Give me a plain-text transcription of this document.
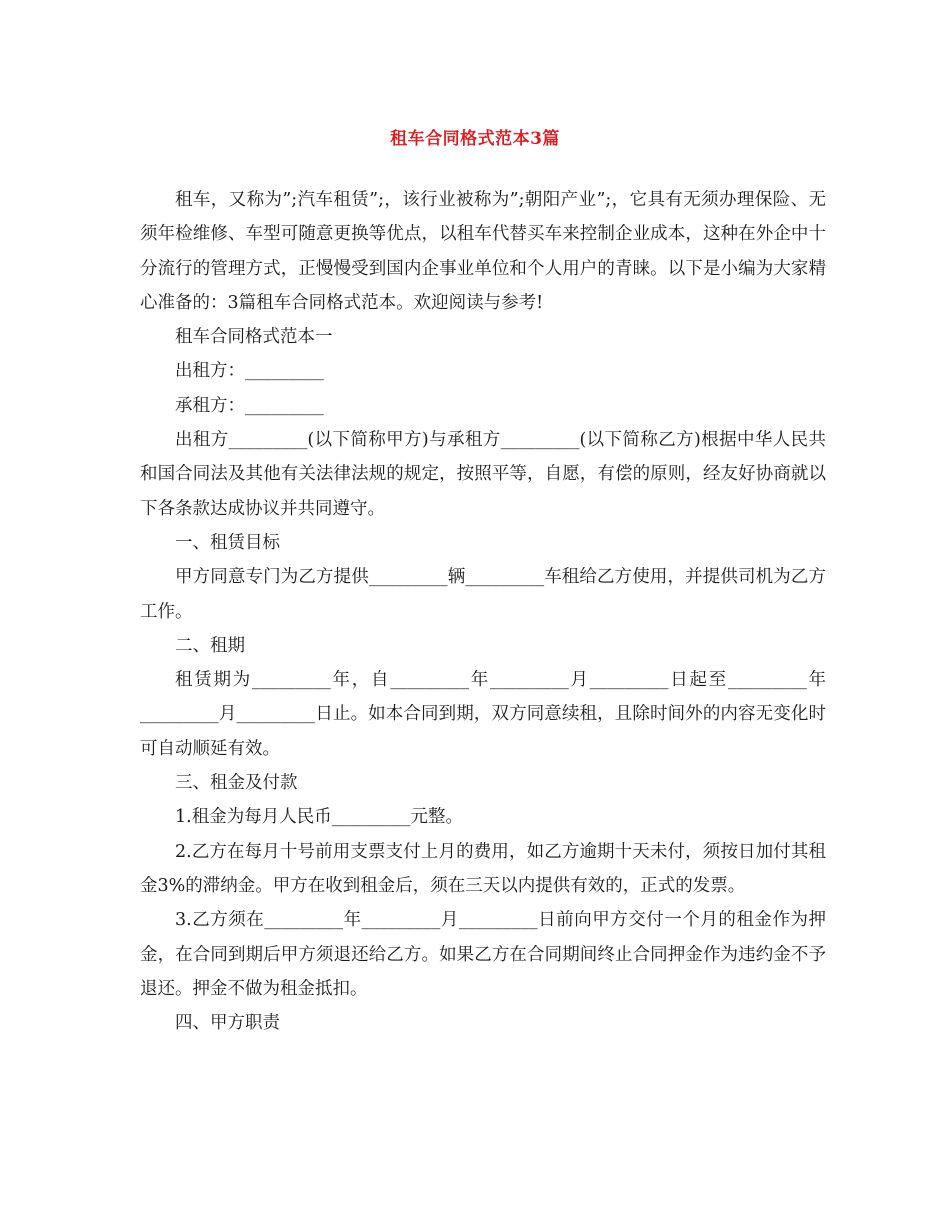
租车合同格式范本3篇

租车，又称为”;汽车租赁”;，该行业被称为”;朝阳产业”;，它具有无须办理保险、无须年检维修、车型可随意更换等优点，以租车代替买车来控制企业成本，这种在外企中十分流行的管理方式，正慢慢受到国内企事业单位和个人用户的青睐。以下是小编为大家精心准备的：3篇租车合同格式范本。欢迎阅读与参考!

租车合同格式范本一

出租方：_________

承租方：_________

出租方_________(以下简称甲方)与承租方_________(以下简称乙方)根据中华人民共和国合同法及其他有关法律法规的规定，按照平等，自愿，有偿的原则，经友好协商就以下各条款达成协议并共同遵守。

一、租赁目标

甲方同意专门为乙方提供_________辆_________车租给乙方使用，并提供司机为乙方工作。

二、租期

租赁期为_________年，自_________年_________月_________日起至_________年_________月_________日止。如本合同到期，双方同意续租，且除时间外的内容无变化时可自动顺延有效。

三、租金及付款

1.租金为每月人民币_________元整。

2.乙方在每月十号前用支票支付上月的费用，如乙方逾期十天未付，须按日加付其租金3%的滞纳金。甲方在收到租金后，须在三天以内提供有效的，正式的发票。

3.乙方须在_________年_________月_________日前向甲方交付一个月的租金作为押金，在合同到期后甲方须退还给乙方。如果乙方在合同期间终止合同押金作为违约金不予退还。押金不做为租金抵扣。

四、甲方职责
